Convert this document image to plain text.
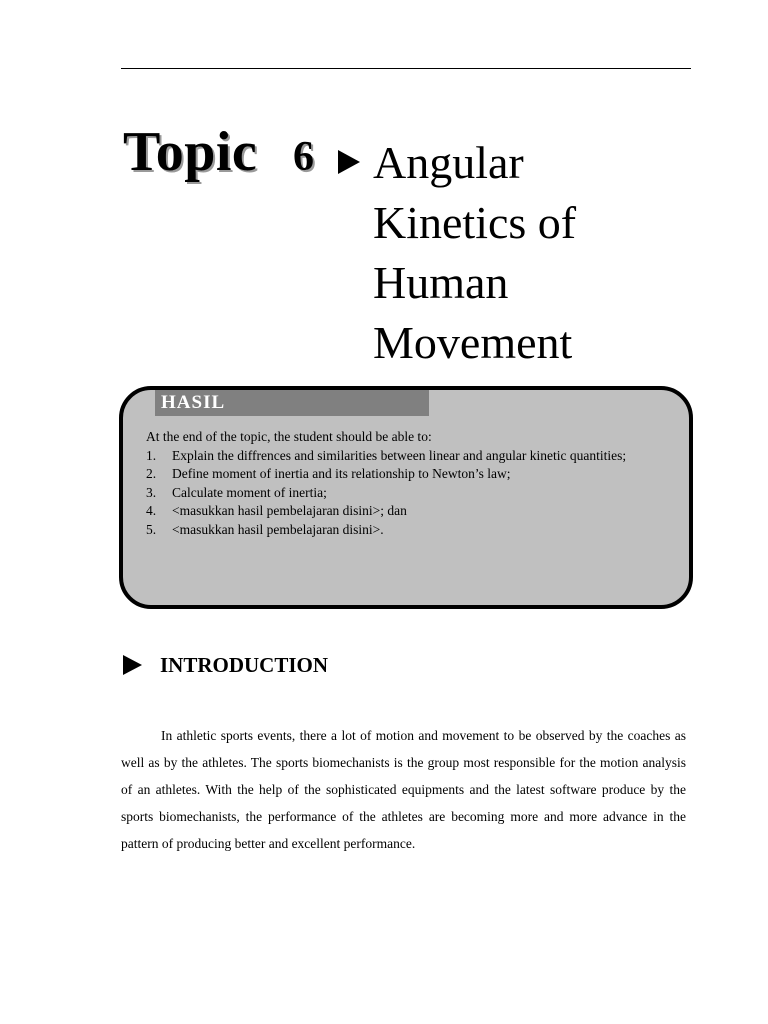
Topic 6 Angular
Kinetics of
Human
Movement
HASIL
At the end of the topic, the student should be able to:
1. Explain the diffrences and similarities between linear and angular kinetic quantities;
2. Define moment of inertia and its relationship to Newton’s law;
3. Calculate moment of inertia;
4. <masukkan hasil pembelajaran disini>; dan
5. <masukkan hasil pembelajaran disini>.
INTRODUCTION

In athletic sports events, there a lot of motion and movement to be observed by the coaches as well as by the athletes. The sports biomechanists is the group most responsible for the motion analysis of an athletes. With the help of the sophisticated equipments and the latest software produce by the sports biomechanists, the performance of the athletes are becoming more and more advance in the pattern of producing better and excellent performance.
